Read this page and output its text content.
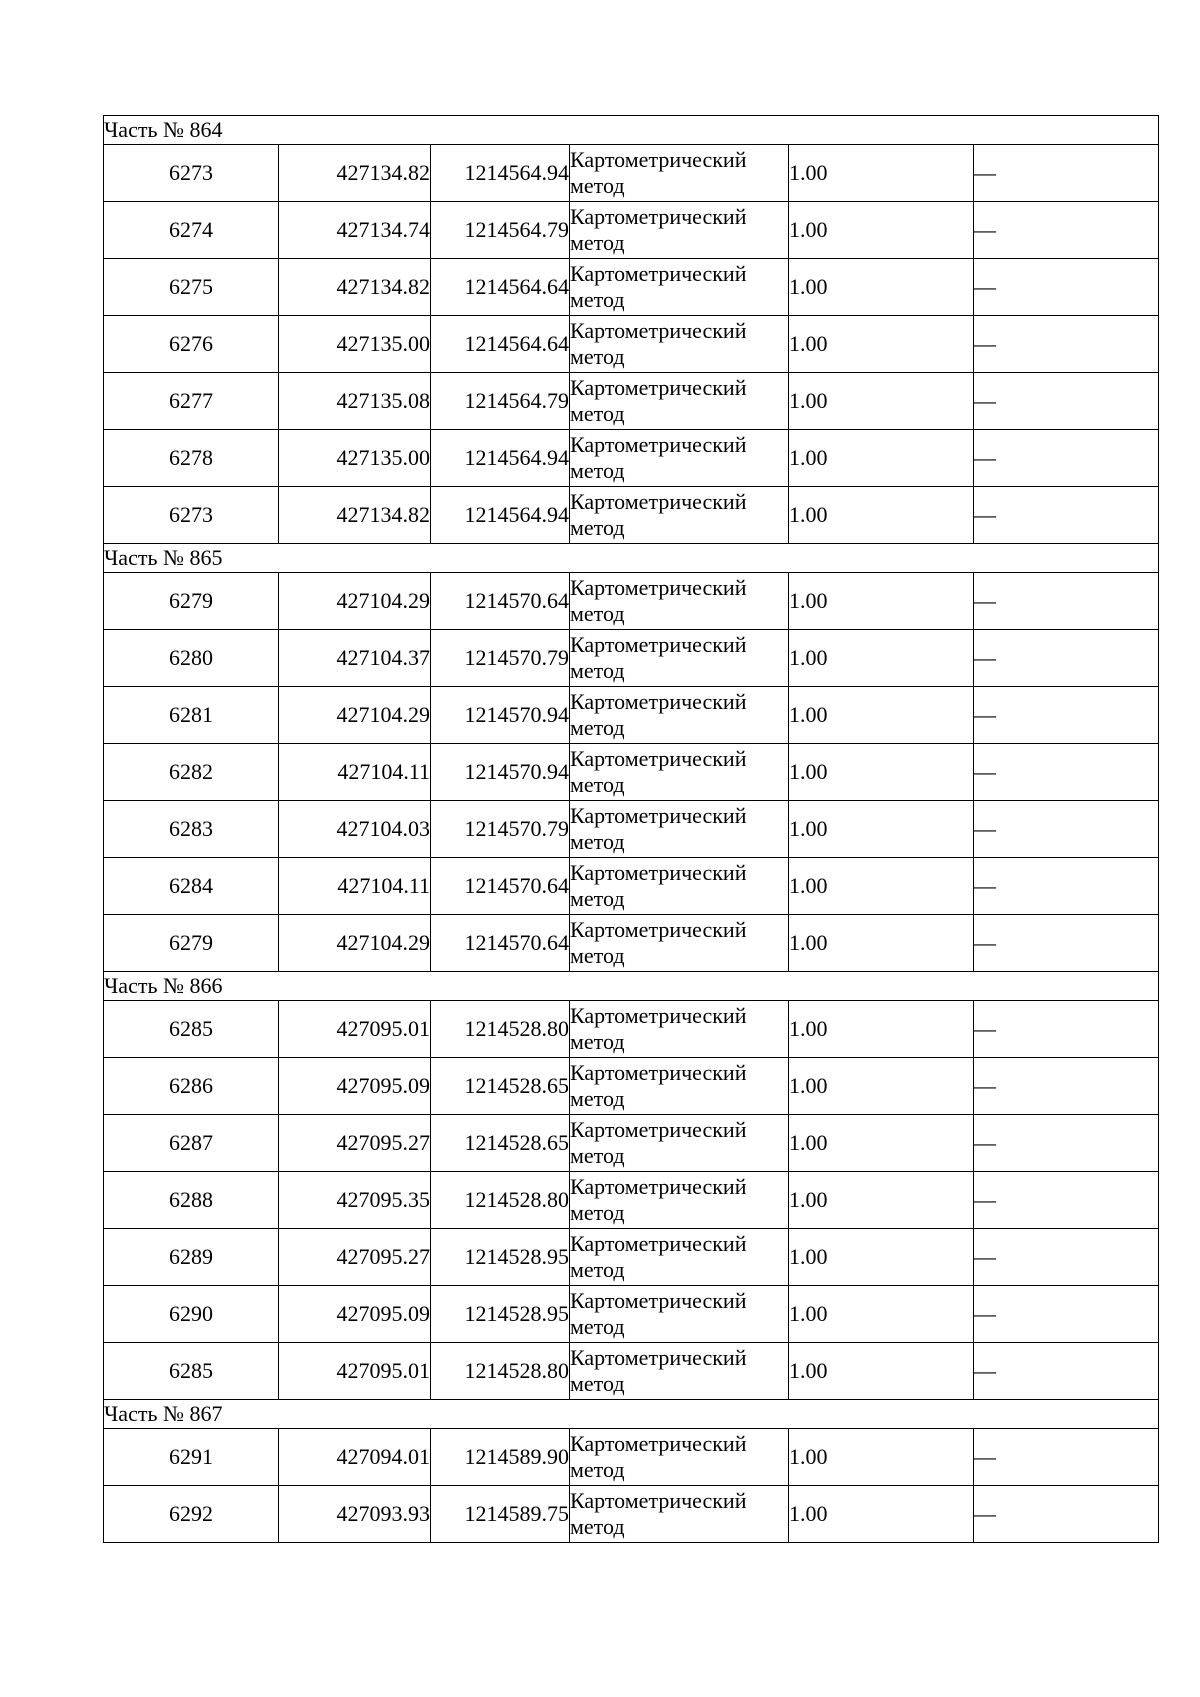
Часть № 864					
6273	427134.82	1214564.94	Картометрический
метод	1.00	—
6274	427134.74	1214564.79	Картометрический
метод	1.00	—
6275	427134.82	1214564.64	Картометрический
метод	1.00	—
6276	427135.00	1214564.64	Картометрический
метод	1.00	—
6277	427135.08	1214564.79	Картометрический
метод	1.00	—
6278	427135.00	1214564.94	Картометрический
метод	1.00	—
6273	427134.82	1214564.94	Картометрический
метод	1.00	—
Часть № 865					
6279	427104.29	1214570.64	Картометрический
метод	1.00	—
6280	427104.37	1214570.79	Картометрический
метод	1.00	—
6281	427104.29	1214570.94	Картометрический
метод	1.00	—
6282	427104.11	1214570.94	Картометрический
метод	1.00	—
6283	427104.03	1214570.79	Картометрический
метод	1.00	—
6284	427104.11	1214570.64	Картометрический
метод	1.00	—
6279	427104.29	1214570.64	Картометрический
метод	1.00	—
Часть № 866					
6285	427095.01	1214528.80	Картометрический
метод	1.00	—
6286	427095.09	1214528.65	Картометрический
метод	1.00	—
6287	427095.27	1214528.65	Картометрический
метод	1.00	—
6288	427095.35	1214528.80	Картометрический
метод	1.00	—
6289	427095.27	1214528.95	Картометрический
метод	1.00	—
6290	427095.09	1214528.95	Картометрический
метод	1.00	—
6285	427095.01	1214528.80	Картометрический
метод	1.00	—
Часть № 867					
6291	427094.01	1214589.90	Картометрический
метод	1.00	—
6292	427093.93	1214589.75	Картометрический
метод	1.00	—
